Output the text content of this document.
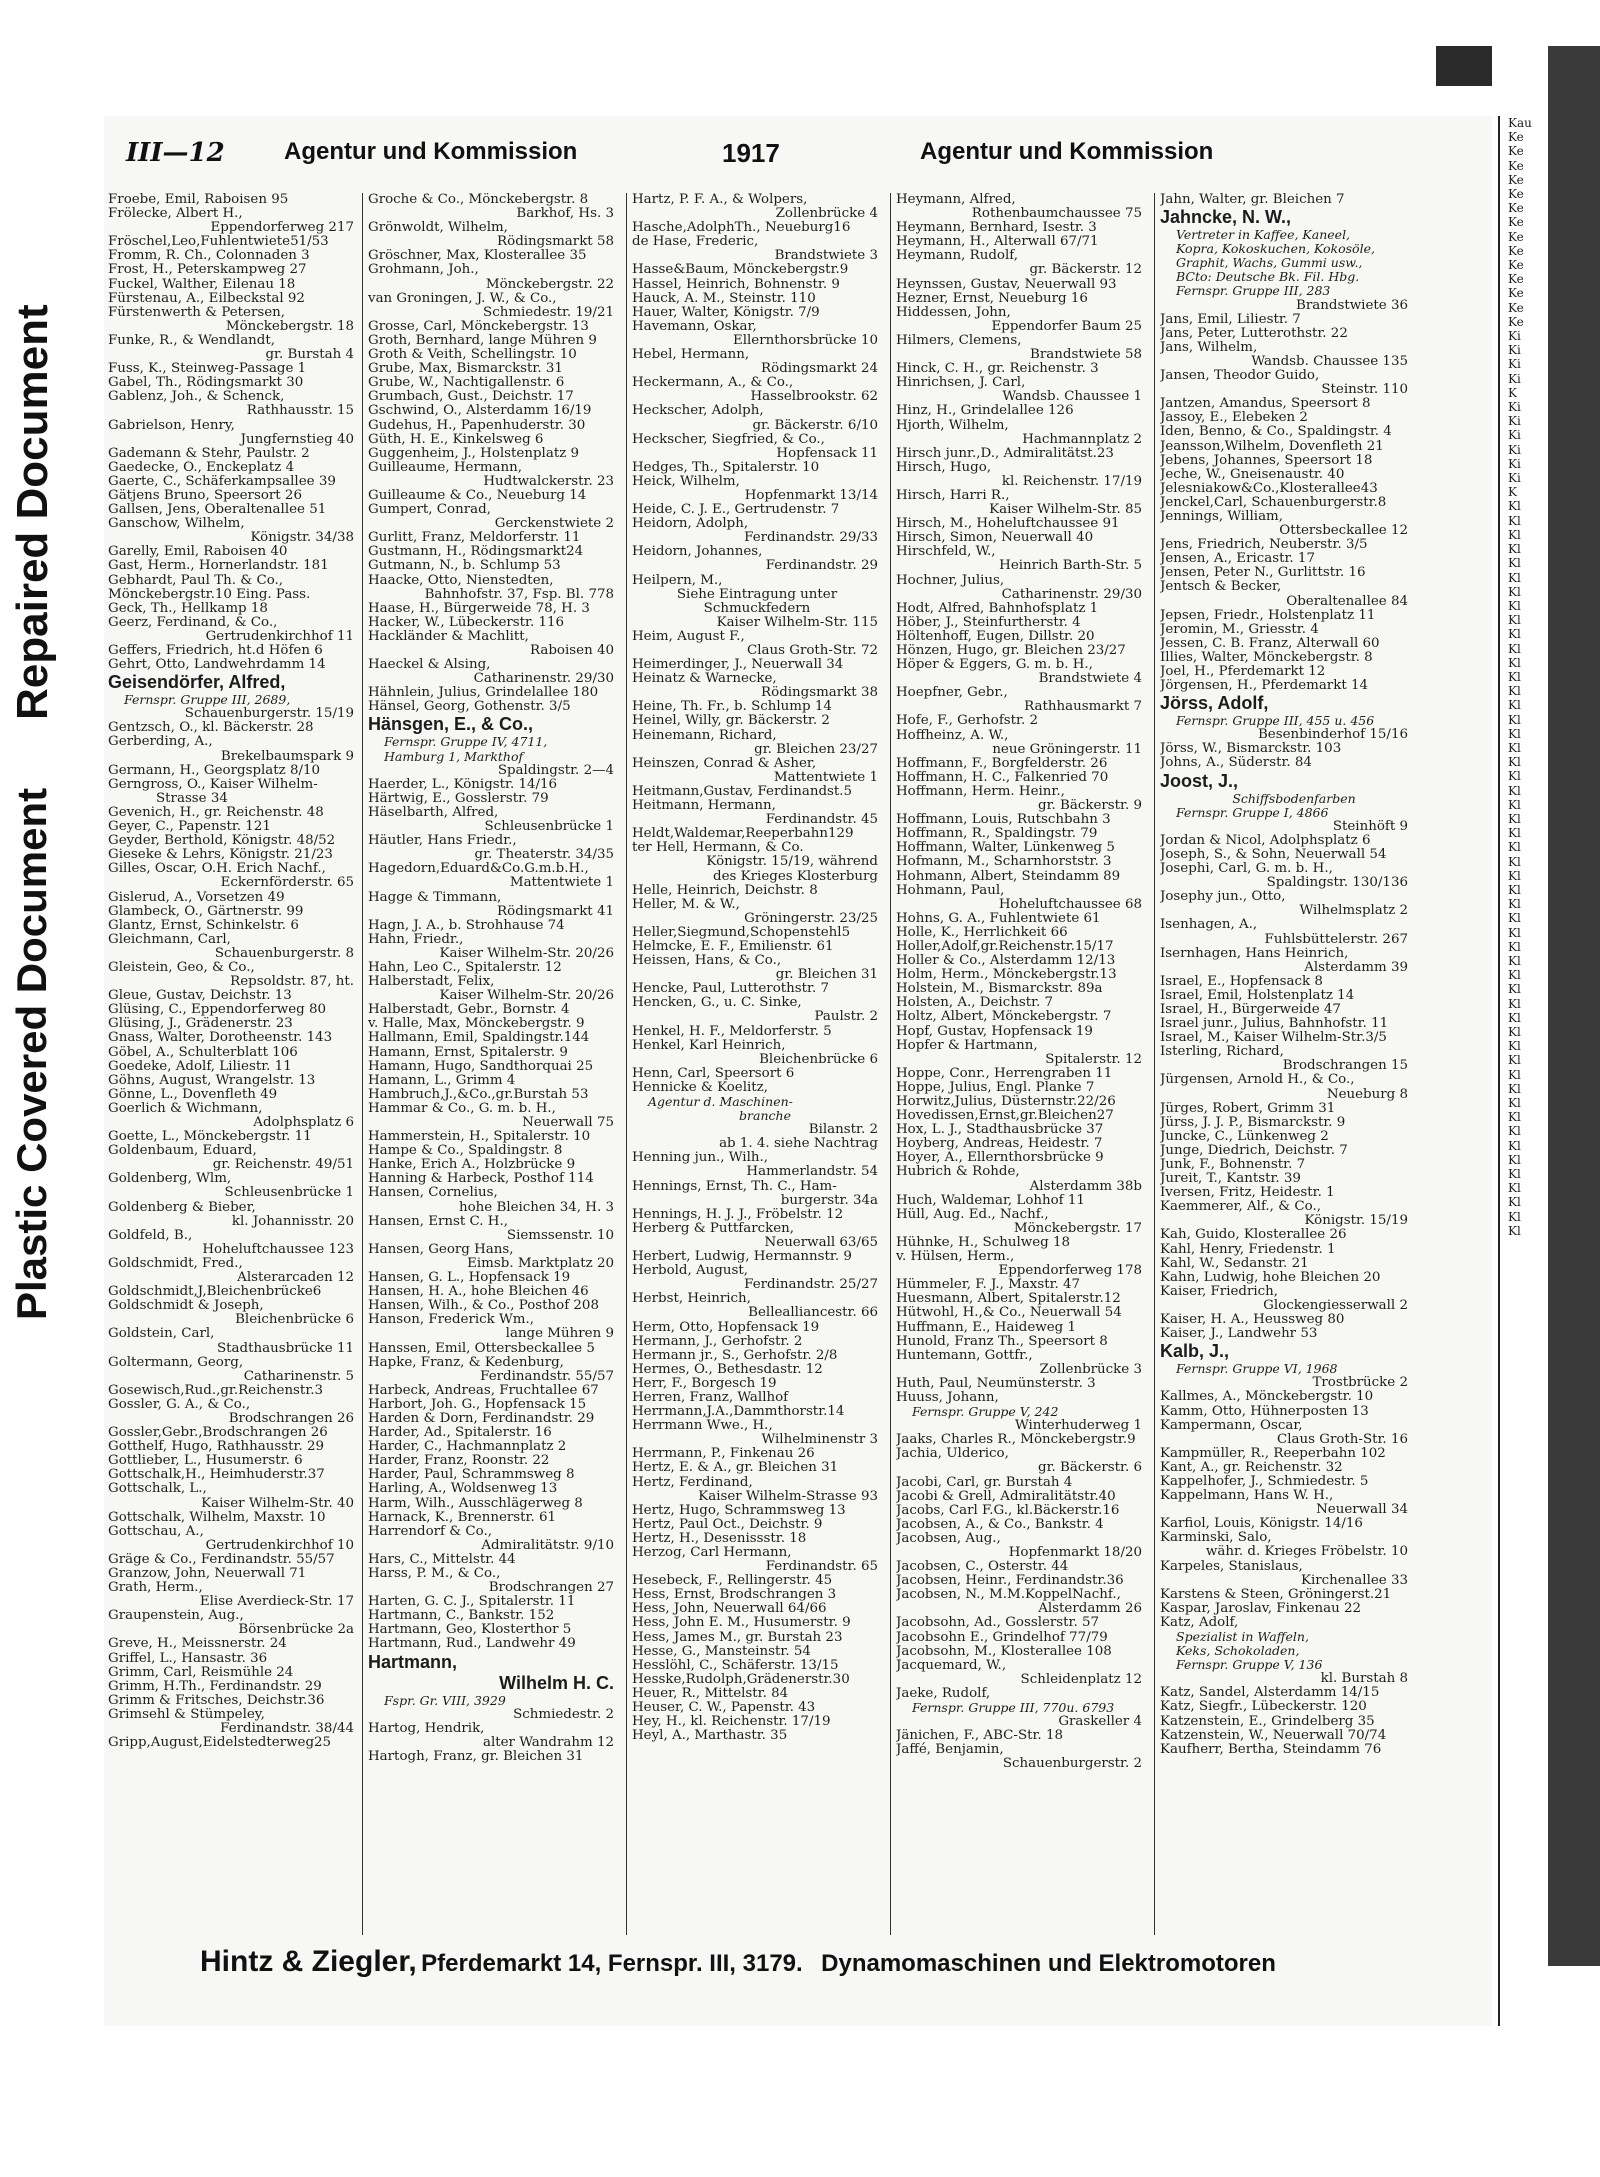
Plastic Covered Document
Repaired Document
III—12 Agentur und Kommission	1917	Agentur und Kommission
Froebe, Emil, Raboisen 95
Frölecke, Albert H.,
Eppendorferweg 217
Fröschel,Leo,Fuhlentwiete51/53
Fromm, R. Ch., Colonnaden 3
Frost, H., Peterskampweg 27
Fuckel, Walther, Eilenau 18
Fürstenau, A., Eilbeckstal 92
Fürstenwerth & Petersen,
Mönckebergstr. 18
Funke, R., & Wendlandt,
gr. Burstah 4
Fuss, K., Steinweg-Passage 1
Gabel, Th., Rödingsmarkt 30
Gablenz, Joh., & Schenck,
Rathhausstr. 15
Gabrielson, Henry,
Jungfernstieg 40
Gademann & Stehr, Paulstr. 2
Gaedecke, O., Enckeplatz 4
Gaerte, C., Schäferkampsallee 39
Gätjens Bruno, Speersort 26
Gallsen, Jens, Oberaltenallee 51
Ganschow, Wilhelm,
Königstr. 34/38
Garelly, Emil, Raboisen 40
Gast, Herm., Hornerlandstr. 181
Gebhardt, Paul Th. & Co.,
Mönckebergstr.10 Eing. Pass.
Geck, Th., Hellkamp 18
Geerz, Ferdinand, & Co.,
Gertrudenkirchhof 11
Geffers, Friedrich, ht.d Höfen 6
Gehrt, Otto, Landwehrdamm 14
Geisendörfer, Alfred,
Fernspr. Gruppe III, 2689,
Schauenburgerstr. 15/19
Gentzsch, O., kl. Bäckerstr. 28
Gerberding, A.,
Brekelbaumspark 9
Germann, H., Georgsplatz 8/10
Gerngross, O., Kaiser Wilhelm-
Strasse 34
Gevenich, H., gr. Reichenstr. 48
Geyer, C., Papenstr. 121
Geyder, Berthold, Königstr. 48/52
Gieseke & Lehrs, Königstr. 21/23
Gilles, Oscar, O.H. Erich Nachf.,
Eckernförderstr. 65
Gislerud, A., Vorsetzen 49
Glambeck, O., Gärtnerstr. 99
Glantz, Ernst, Schinkelstr. 6
Gleichmann, Carl,
Schauenburgerstr. 8
Gleistein, Geo, & Co.,
Repsoldstr. 87, ht.
Gleue, Gustav, Deichstr. 13
Glüsing, C., Eppendorferweg 80
Glüsing, J., Grädenerstr. 23
Gnass, Walter, Dorotheenstr. 143
Göbel, A., Schulterblatt 106
Goedeke, Adolf, Liliestr. 11
Göhns, August, Wrangelstr. 13
Gönne, L., Dovenfleth 49
Goerlich & Wichmann,
Adolphsplatz 6
Goette, L., Mönckebergstr. 11
Goldenbaum, Eduard,
gr. Reichenstr. 49/51
Goldenberg, Wlm,
Schleusenbrücke 1
Goldenberg & Bieber,
kl. Johannisstr. 20
Goldfeld, B.,
Hoheluftchaussee 123
Goldschmidt, Fred.,
Alsterarcaden 12
Goldschmidt,J,Bleichenbrücke6
Goldschmidt & Joseph,
Bleichenbrücke 6
Goldstein, Carl,
Stadthausbrücke 11
Goltermann, Georg,
Catharinenstr. 5
Gosewisch,Rud.,gr.Reichenstr.3
Gossler, G. A., & Co.,
Brodschrangen 26
Gossler,Gebr.,Brodschrangen 26
Gotthelf, Hugo, Rathhausstr. 29
Gottlieber, L., Husumerstr. 6
Gottschalk,H., Heimhuderstr.37
Gottschalk, L.,
Kaiser Wilhelm-Str. 40
Gottschalk, Wilhelm, Maxstr. 10
Gottschau, A.,
Gertrudenkirchhof 10
Gräge & Co., Ferdinandstr. 55/57
Granzow, John, Neuerwall 71
Grath, Herm.,
Elise Averdieck-Str. 17
Graupenstein, Aug.,
Börsenbrücke 2a
Greve, H., Meissnerstr. 24
Griffel, L., Hansastr. 36
Grimm, Carl, Reismühle 24
Grimm, H.Th., Ferdinandstr. 29
Grimm & Fritsches, Deichstr.36
Grimsehl & Stümpeley,
Ferdinandstr. 38/44
Gripp,August,Eidelstedterweg25
Groche & Co., Mönckebergstr. 8
Barkhof, Hs. 3
Grönwoldt, Wilhelm,
Rödingsmarkt 58
Gröschner, Max, Klosterallee 35
Grohmann, Joh.,
Mönckebergstr. 22
van Groningen, J. W., & Co.,
Schmiedestr. 19/21
Grosse, Carl, Mönckebergstr. 13
Groth, Bernhard, lange Mühren 9
Groth & Veith, Schellingstr. 10
Grube, Max, Bismarckstr. 31
Grube, W., Nachtigallenstr. 6
Grumbach, Gust., Deichstr. 17
Gschwind, O., Alsterdamm 16/19
Gudehus, H., Papenhuderstr. 30
Güth, H. E., Kinkelsweg 6
Guggenheim, J., Holstenplatz 9
Guilleaume, Hermann,
Hudtwalckerstr. 23
Guilleaume & Co., Neueburg 14
Gumpert, Conrad,
Gerckenstwiete 2
Gurlitt, Franz, Meldorferstr. 11
Gustmann, H., Rödingsmarkt24
Gutmann, N., b. Schlump 53
Haacke, Otto, Nienstedten,
Bahnhofstr. 37, Fsp. Bl. 778
Haase, H., Bürgerweide 78, H. 3
Hacker, W., Lübeckerstr. 116
Hackländer & Machlitt,
Raboisen 40
Haeckel & Alsing,
Catharinenstr. 29/30
Hähnlein, Julius, Grindelallee 180
Hänsel, Georg, Gothenstr. 3/5
Hänsgen, E., & Co.,
Fernspr. Gruppe IV, 4711,
Hamburg 1, Markthof
Spaldingstr. 2—4
Haerder, L., Königstr. 14/16
Härtwig, E., Gosslerstr. 79
Häselbarth, Alfred,
Schleusenbrücke 1
Häutler, Hans Friedr.,
gr. Theaterstr. 34/35
Hagedorn,Eduard&Co.G.m.b.H.,
Mattentwiete 1
Hagge & Timmann,
Rödingsmarkt 41
Hagn, J. A., b. Strohhause 74
Hahn, Friedr.,
Kaiser Wilhelm-Str. 20/26
Hahn, Leo C., Spitalerstr. 12
Halberstadt, Felix,
Kaiser Wilhelm-Str. 20/26
Halberstadt, Gebr., Bornstr. 4
v. Halle, Max, Mönckebergstr. 9
Hallmann, Emil, Spaldingstr.144
Hamann, Ernst, Spitalerstr. 9
Hamann, Hugo, Sandthorquai 25
Hamann, L., Grimm 4
Hambruch,J.,&Co.,gr.Burstah 53
Hammar & Co., G. m. b. H.,
Neuerwall 75
Hammerstein, H., Spitalerstr. 10
Hampe & Co., Spaldingstr. 8
Hanke, Erich A., Holzbrücke 9
Hanning & Harbeck, Posthof 114
Hansen, Cornelius,
hohe Bleichen 34, H. 3
Hansen, Ernst C. H.,
Siemssenstr. 10
Hansen, Georg Hans,
Eimsb. Marktplatz 20
Hansen, G. L., Hopfensack 19
Hansen, H. A., hohe Bleichen 46
Hansen, Wilh., & Co., Posthof 208
Hanson, Frederick Wm.,
lange Mühren 9
Hanssen, Emil, Ottersbeckallee 5
Hapke, Franz, & Kedenburg,
Ferdinandstr. 55/57
Harbeck, Andreas, Fruchtallee 67
Harbort, Joh. G., Hopfensack 15
Harden & Dorn, Ferdinandstr. 29
Harder, Ad., Spitalerstr. 16
Harder, C., Hachmannplatz 2
Harder, Franz, Roonstr. 22
Harder, Paul, Schrammsweg 8
Harling, A., Woldsenweg 13
Harm, Wilh., Ausschlägerweg 8
Harnack, K., Brennerstr. 61
Harrendorf & Co.,
Admiralitätstr. 9/10
Hars, C., Mittelstr. 44
Harss, P. M., & Co.,
Brodschrangen 27
Harten, G. C. J., Spitalerstr. 11
Hartmann, C., Bankstr. 152
Hartmann, Geo, Klosterthor 5
Hartmann, Rud., Landwehr 49
Hartmann,
Wilhelm H. C.
Fspr. Gr. VIII, 3929
Schmiedestr. 2
Hartog, Hendrik,
alter Wandrahm 12
Hartogh, Franz, gr. Bleichen 31
Hartz, P. F. A., & Wolpers,
Zollenbrücke 4
Hasche,AdolphTh., Neueburg16
de Hase, Frederic,
Brandstwiete 3
Hasse&Baum, Mönckebergstr.9
Hassel, Heinrich, Bohnenstr. 9
Hauck, A. M., Steinstr. 110
Hauer, Walter, Königstr. 7/9
Havemann, Oskar,
Ellernthorsbrücke 10
Hebel, Hermann,
Rödingsmarkt 24
Heckermann, A., & Co.,
Hasselbrookstr. 62
Heckscher, Adolph,
gr. Bäckerstr. 6/10
Heckscher, Siegfried, & Co.,
Hopfensack 11
Hedges, Th., Spitalerstr. 10
Heick, Wilhelm,
Hopfenmarkt 13/14
Heide, C. J. E., Gertrudenstr. 7
Heidorn, Adolph,
Ferdinandstr. 29/33
Heidorn, Johannes,
Ferdinandstr. 29
Heilpern, M.,
Siehe Eintragung unter
Schmuckfedern
Kaiser Wilhelm-Str. 115
Heim, August F.,
Claus Groth-Str. 72
Heimerdinger, J., Neuerwall 34
Heinatz & Warnecke,
Rödingsmarkt 38
Heine, Th. Fr., b. Schlump 14
Heinel, Willy, gr. Bäckerstr. 2
Heinemann, Richard,
gr. Bleichen 23/27
Heinszen, Conrad & Asher,
Mattentwiete 1
Heitmann,Gustav, Ferdinandst.5
Heitmann, Hermann,
Ferdinandstr. 45
Heldt,Waldemar,Reeperbahn129
ter Hell, Hermann, & Co.
Königstr. 15/19, während
des Krieges Klosterburg
Helle, Heinrich, Deichstr. 8
Heller, M. & W.,
Gröningerstr. 23/25
Heller,Siegmund,Schopenstehl5
Helmcke, E. F., Emilienstr. 61
Heissen, Hans, & Co.,
gr. Bleichen 31
Hencke, Paul, Lutterothstr. 7
Hencken, G., u. C. Sinke,
Paulstr. 2
Henkel, H. F., Meldorferstr. 5
Henkel, Karl Heinrich,
Bleichenbrücke 6
Henn, Carl, Speersort 6
Hennicke & Koelitz,
Agentur d. Maschinen-
branche
Bilanstr. 2
ab 1. 4. siehe Nachtrag
Henning jun., Wilh.,
Hammerlandstr. 54
Hennings, Ernst, Th. C., Ham-
burgerstr. 34a
Hennings, H. J. J., Fröbelstr. 12
Herberg & Puttfarcken,
Neuerwall 63/65
Herbert, Ludwig, Hermannstr. 9
Herbold, August,
Ferdinandstr. 25/27
Herbst, Heinrich,
Bellealliancestr. 66
Herm, Otto, Hopfensack 19
Hermann, J., Gerhofstr. 2
Hermann jr., S., Gerhofstr. 2/8
Hermes, O., Bethesdastr. 12
Herr, F., Borgesch 19
Herren, Franz, Wallhof
Herrmann,J.A.,Dammthorstr.14
Herrmann Wwe., H.,
Wilhelminenstr 3
Herrmann, P., Finkenau 26
Hertz, E. & A., gr. Bleichen 31
Hertz, Ferdinand,
Kaiser Wilhelm-Strasse 93
Hertz, Hugo, Schrammsweg 13
Hertz, Paul Oct., Deichstr. 9
Hertz, H., Desenissstr. 18
Herzog, Carl Hermann,
Ferdinandstr. 65
Hesebeck, F., Rellingerstr. 45
Hess, Ernst, Brodschrangen 3
Hess, John, Neuerwall 64/66
Hess, John E. M., Husumerstr. 9
Hess, James M., gr. Burstah 23
Hesse, G., Mansteinstr. 54
Hesslöhl, C., Schäferstr. 13/15
Hesske,Rudolph,Grädenerstr.30
Heuer, R., Mittelstr. 84
Heuser, C. W., Papenstr. 43
Hey, H., kl. Reichenstr. 17/19
Heyl, A., Marthastr. 35
Heymann, Alfred,
Rothenbaumchaussee 75
Heymann, Bernhard, Isestr. 3
Heymann, H., Alterwall 67/71
Heymann, Rudolf,
gr. Bäckerstr. 12
Heynssen, Gustav, Neuerwall 93
Hezner, Ernst, Neueburg 16
Hiddessen, John,
Eppendorfer Baum 25
Hilmers, Clemens,
Brandstwiete 58
Hinck, C. H., gr. Reichenstr. 3
Hinrichsen, J. Carl,
Wandsb. Chaussee 1
Hinz, H., Grindelallee 126
Hjorth, Wilhelm,
Hachmannplatz 2
Hirsch junr.,D., Admiralitätst.23
Hirsch, Hugo,
kl. Reichenstr. 17/19
Hirsch, Harri R.,
Kaiser Wilhelm-Str. 85
Hirsch, M., Hoheluftchaussee 91
Hirsch, Simon, Neuerwall 40
Hirschfeld, W.,
Heinrich Barth-Str. 5
Hochner, Julius,
Catharinenstr. 29/30
Hodt, Alfred, Bahnhofsplatz 1
Höber, J., Steinfurtherstr. 4
Höltenhoff, Eugen, Dillstr. 20
Hönzen, Hugo, gr. Bleichen 23/27
Höper & Eggers, G. m. b. H.,
Brandstwiete 4
Hoepfner, Gebr.,
Rathhausmarkt 7
Hofe, F., Gerhofstr. 2
Hoffheinz, A. W.,
neue Gröningerstr. 11
Hoffmann, F., Borgfelderstr. 26
Hoffmann, H. C., Falkenried 70
Hoffmann, Herm. Heinr.,
gr. Bäckerstr. 9
Hoffmann, Louis, Rutschbahn 3
Hoffmann, R., Spaldingstr. 79
Hoffmann, Walter, Lünkenweg 5
Hofmann, M., Scharnhorststr. 3
Hohmann, Albert, Steindamm 89
Hohmann, Paul,
Hoheluftchaussee 68
Hohns, G. A., Fuhlentwiete 61
Holle, K., Herrlichkeit 66
Holler,Adolf,gr.Reichenstr.15/17
Holler & Co., Alsterdamm 12/13
Holm, Herm., Mönckebergstr.13
Holstein, M., Bismarckstr. 89a
Holsten, A., Deichstr. 7
Holtz, Albert, Mönckebergstr. 7
Hopf, Gustav, Hopfensack 19
Hopfer & Hartmann,
Spitalerstr. 12
Hoppe, Conr., Herrengraben 11
Hoppe, Julius, Engl. Planke 7
Horwitz,Julius, Düsternstr.22/26
Hovedissen,Ernst,gr.Bleichen27
Hox, L. J., Stadthausbrücke 37
Hoyberg, Andreas, Heidestr. 7
Hoyer, A., Ellernthorsbrücke 9
Hubrich & Rohde,
Alsterdamm 38b
Huch, Waldemar, Lohhof 11
Hüll, Aug. Ed., Nachf.,
Mönckebergstr. 17
Hühnke, H., Schulweg 18
v. Hülsen, Herm.,
Eppendorferweg 178
Hümmeler, F. J., Maxstr. 47
Huesmann, Albert, Spitalerstr.12
Hütwohl, H.,& Co., Neuerwall 54
Huffmann, E., Haideweg 1
Hunold, Franz Th., Speersort 8
Huntemann, Gottfr.,
Zollenbrücke 3
Huth, Paul, Neumünsterstr. 3
Huuss, Johann,
Fernspr. Gruppe V, 242
Winterhuderweg 1
Jaaks, Charles R., Mönckebergstr.9
Jachia, Ulderico,
gr. Bäckerstr. 6
Jacobi, Carl, gr. Burstah 4
Jacobi & Grell, Admiralitätstr.40
Jacobs, Carl F.G., kl.Bäckerstr.16
Jacobsen, A., & Co., Bankstr. 4
Jacobsen, Aug.,
Hopfenmarkt 18/20
Jacobsen, C., Osterstr. 44
Jacobsen, Heinr., Ferdinandstr.36
Jacobsen, N., M.M.KoppelNachf.,
Alsterdamm 26
Jacobsohn, Ad., Gosslerstr. 57
Jacobsohn E., Grindelhof 77/79
Jacobsohn, M., Klosterallee 108
Jacquemard, W.,
Schleidenplatz 12
Jaeke, Rudolf,
Fernspr. Gruppe III, 770u. 6793
Graskeller 4
Jänichen, F., ABC-Str. 18
Jaffé, Benjamin,
Schauenburgerstr. 2
Jahn, Walter, gr. Bleichen 7
Jahncke, N. W.,
Vertreter in Kaffee, Kaneel,
Kopra, Kokoskuchen, Kokosöle,
Graphit, Wachs, Gummi usw.,
BCto: Deutsche Bk. Fil. Hbg.
Fernspr. Gruppe III, 283
Brandstwiete 36
Jans, Emil, Liliestr. 7
Jans, Peter, Lutterothstr. 22
Jans, Wilhelm,
Wandsb. Chaussee 135
Jansen, Theodor Guido,
Steinstr. 110
Jantzen, Amandus, Speersort 8
Jassoy, E., Elebeken 2
Iden, Benno, & Co., Spaldingstr. 4
Jeansson,Wilhelm, Dovenfleth 21
Jebens, Johannes, Speersort 18
Jeche, W., Gneisenaustr. 40
Jelesniakow&Co.,Klosterallee43
Jenckel,Carl, Schauenburgerstr.8
Jennings, William,
Ottersbeckallee 12
Jens, Friedrich, Neuberstr. 3/5
Jensen, A., Ericastr. 17
Jensen, Peter N., Gurlittstr. 16
Jentsch & Becker,
Oberaltenallee 84
Jepsen, Friedr., Holstenplatz 11
Jeromin, M., Griesstr. 4
Jessen, C. B. Franz, Alterwall 60
Illies, Walter, Mönckebergstr. 8
Joel, H., Pferdemarkt 12
Jörgensen, H., Pferdemarkt 14
Jörss, Adolf,
Fernspr. Gruppe III, 455 u. 456
Besenbinderhof 15/16
Jörss, W., Bismarckstr. 103
Johns, A., Süderstr. 84
Joost, J.,
Schiffsbodenfarben
Fernspr. Gruppe I, 4866
Steinhöft 9
Jordan & Nicol, Adolphsplatz 6
Joseph, S., & Sohn, Neuerwall 54
Josephi, Carl, G. m. b. H.,
Spaldingstr. 130/136
Josephy jun., Otto,
Wilhelmsplatz 2
Isenhagen, A.,
Fuhlsbüttelerstr. 267
Isernhagen, Hans Heinrich,
Alsterdamm 39
Israel, E., Hopfensack 8
Israel, Emil, Holstenplatz 14
Israel, H., Bürgerweide 47
Israel junr., Julius, Bahnhofstr. 11
Israel, M., Kaiser Wilhelm-Str.3/5
Isterling, Richard,
Brodschrangen 15
Jürgensen, Arnold H., & Co.,
Neueburg 8
Jürges, Robert, Grimm 31
Jürss, J. J. P., Bismarckstr. 9
Juncke, C., Lünkenweg 2
Junge, Diedrich, Deichstr. 7
Junk, F., Bohnenstr. 7
Jureit, T., Kantstr. 39
Iversen, Fritz, Heidestr. 1
Kaemmerer, Alf., & Co.,
Königstr. 15/19
Kah, Guido, Klosterallee 26
Kahl, Henry, Friedenstr. 1
Kahl, W., Sedanstr. 21
Kahn, Ludwig, hohe Bleichen 20
Kaiser, Friedrich,
Glockengiesserwall 2
Kaiser, H. A., Heussweg 80
Kaiser, J., Landwehr 53
Kalb, J.,
Fernspr. Gruppe VI, 1968
Trostbrücke 2
Kallmes, A., Mönckebergstr. 10
Kamm, Otto, Hühnerposten 13
Kampermann, Oscar,
Claus Groth-Str. 16
Kampmüller, R., Reeperbahn 102
Kant, A., gr. Reichenstr. 32
Kappelhofer, J., Schmiedestr. 5
Kappelmann, Hans W. H.,
Neuerwall 34
Karfiol, Louis, Königstr. 14/16
Karminski, Salo,
währ. d. Krieges Fröbelstr. 10
Karpeles, Stanislaus,
Kirchenallee 33
Karstens & Steen, Gröningerst.21
Kaspar, Jaroslav, Finkenau 22
Katz, Adolf,
Spezialist in Waffeln,
Keks, Schokoladen,
Fernspr. Gruppe V, 136
kl. Burstah 8
Katz, Sandel, Alsterdamm 14/15
Katz, Siegfr., Lübeckerstr. 120
Katzenstein, E., Grindelberg 35
Katzenstein, W., Neuerwall 70/74
Kaufherr, Bertha, Steindamm 76
Kau
Ke
Ke
Ke
Ke
Ke
Ke
Ke
Ke
Ke
Ke
Ke
Ke
Ke
Ke
Ki
Ki
Ki
Ki
K
Ki
Ki
Ki
Ki
Ki
Ki
K
Kl
Kl
Kl
Kl
Kl
Kl
Kl
Kl
Kl
Kl
Kl
Kl
Kl
Kl
Kl
Kl
Kl
Kl
Kl
Kl
Kl
Kl
Kl
Kl
Kl
Kl
Kl
Kl
Kl
Kl
Kl
Kl
Kl
Kl
Kl
Kl
Kl
Kl
Kl
Kl
Kl
Kl
Kl
Kl
Kl
Kl
Kl
Kl
Kl
Kl
Kl
Kl
Hintz & Ziegler, Pferdemarkt 14, Fernspr. III, 3179. Dynamomaschinen und Elektromotoren
